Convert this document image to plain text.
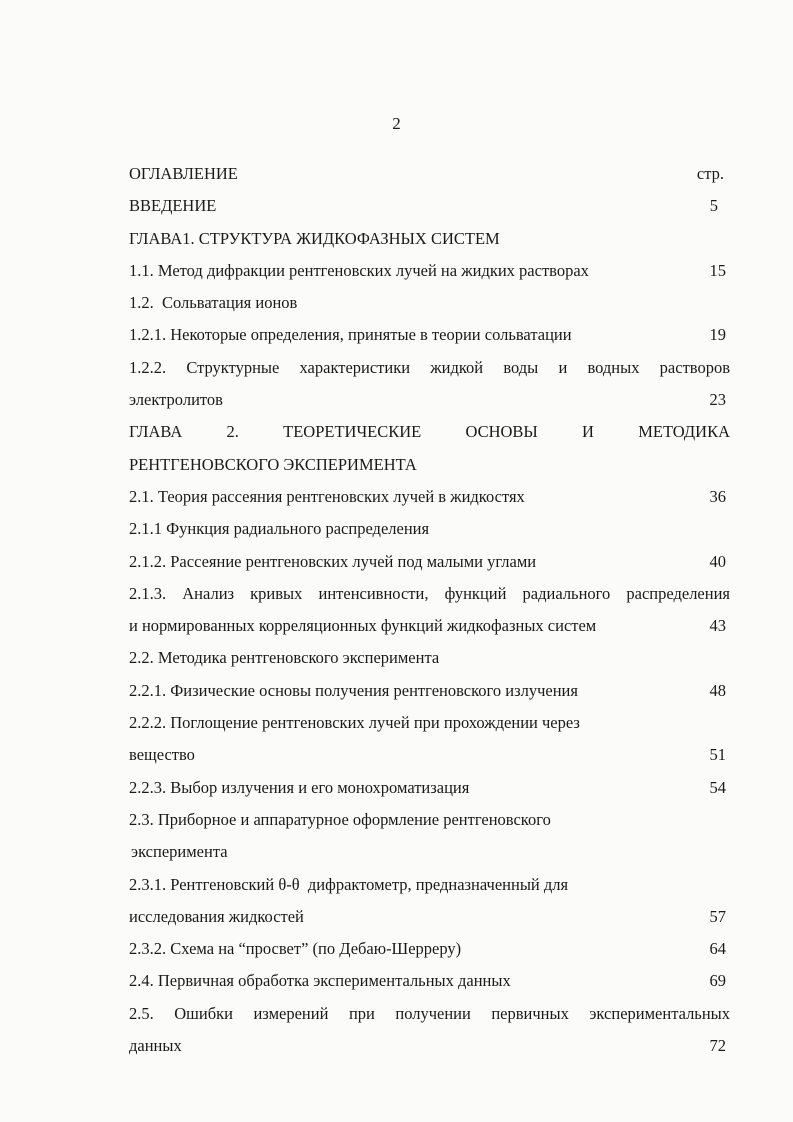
2
ОГЛАВЛЕНИЕ	стр.
ВВЕДЕНИЕ	5
ГЛАВА1. СТРУКТУРА ЖИДКОФАЗНЫХ СИСТЕМ
1.1. Метод дифракции рентгеновских лучей на жидких растворах	15
1.2.  Сольватация ионов
1.2.1. Некоторые определения, принятые в теории сольватации	19
1.2.2. Структурные характеристики жидкой воды и водных растворов
электролитов	23
ГЛАВА 2. ТЕОРЕТИЧЕСКИЕ ОСНОВЫ И МЕТОДИКА
РЕНТГЕНОВСКОГО ЭКСПЕРИМЕНТА
2.1. Теория рассеяния рентгеновских лучей в жидкостях	36
2.1.1 Функция радиального распределения
2.1.2. Рассеяние рентгеновских лучей под малыми углами	40
2.1.3. Анализ кривых интенсивности, функций радиального распределения
и нормированных корреляционных функций жидкофазных систем	43
2.2. Методика рентгеновского эксперимента
2.2.1. Физические основы получения рентгеновского излучения	48
2.2.2. Поглощение рентгеновских лучей при прохождении через
вещество	51
2.2.3. Выбор излучения и его монохроматизация	54
2.3. Приборное и аппаратурное оформление рентгеновского
эксперимента
2.3.1. Рентгеновский θ-θ  дифрактометр, предназначенный для
исследования жидкостей	57
2.3.2. Схема на “просвет” (по Дебаю-Шерреру)	64
2.4. Первичная обработка экспериментальных данных	69
2.5. Ошибки измерений при получении первичных экспериментальных
данных	72
